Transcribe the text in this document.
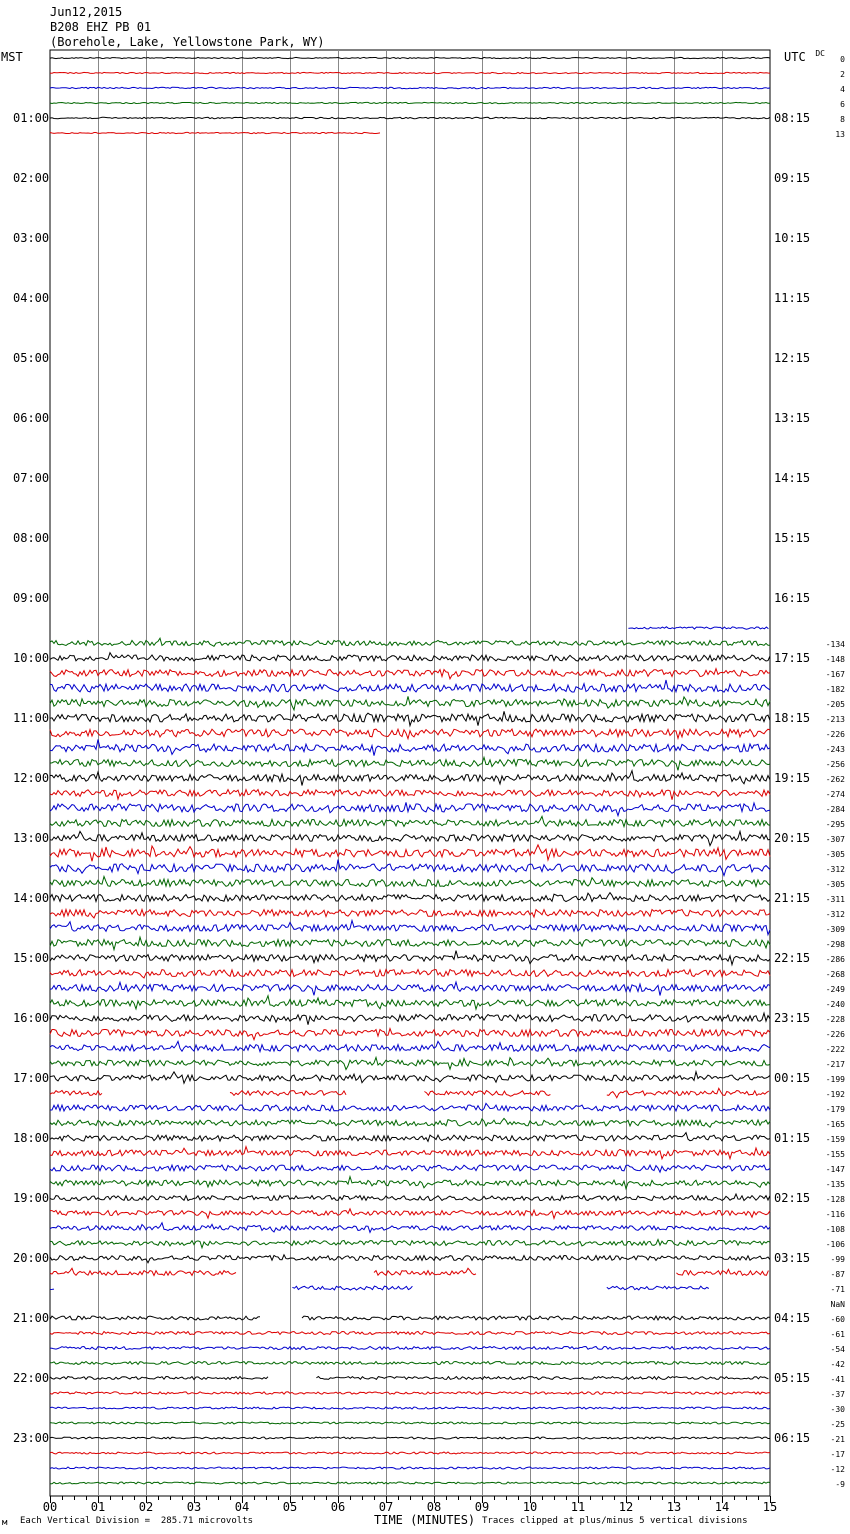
Jun12,2015
B208 EHZ PB 01
(Borehole, Lake, Yellowstone Park, WY)
MST	UTC	DC
01:00
02:00
03:00
04:00
05:00
06:00
07:00
08:00
09:00
10:00
11:00
12:00
13:00
14:00
15:00
16:00
17:00
18:00
19:00
20:00
21:00
22:00
23:00
08:15
09:15
10:15
11:15
12:15
13:15
14:15
15:15
16:15
17:15
18:15
19:15
20:15
21:15
22:15
23:15
00:15
01:15
02:15
03:15
04:15
05:15
06:15
0
2
4
6
8
13
-134
-148
-167
-182
-205
-213
-226
-243
-256
-262
-274
-284
-295
-307
-305
-312
-305
-311
-312
-309
-298
-286
-268
-249
-240
-228
-226
-222
-217
-199
-192
-179
-165
-159
-155
-147
-135
-128
-116
-108
-106
-99
-87
-71
NaN
-60
-61
-54
-42
-41
-37
-30
-25
-21
-17
-12
-9
00	01	02	03	04	05	06	07	08	09	10	11	12	13	14	15
м Each Vertical Division =  285.71 microvolts	TIME (MINUTES) Traces clipped at plus/minus 5 vertical divisions
